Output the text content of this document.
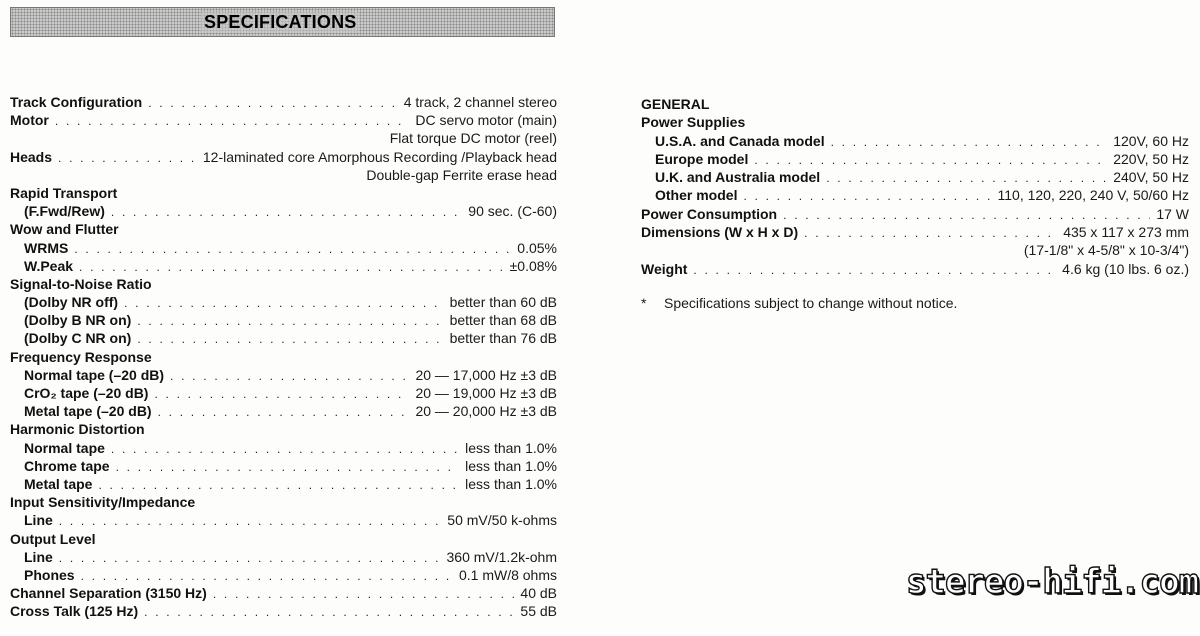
SPECIFICATIONS
Track Configuration . . .	4 track, 2 channel stereo
Motor . . .	DC servo motor (main)
Flat torque DC motor (reel)
Heads . . .	12-laminated core Amorphous Recording /Playback head
Double-gap Ferrite erase head
Rapid Transport
(F.Fwd/Rew) . . .	90 sec. (C-60)
Wow and Flutter
WRMS . . .	0.05%
W.Peak . . .	±0.08%
Signal-to-Noise Ratio
(Dolby NR off) . . .	better than 60 dB
(Dolby B NR on) . . .	better than 68 dB
(Dolby C NR on) . . .	better than 76 dB
Frequency Response
Normal tape (–20 dB) . . .	20 — 17,000 Hz ±3 dB
CrO₂ tape (–20 dB) . . .	20 — 19,000 Hz ±3 dB
Metal tape (–20 dB) . . .	20 — 20,000 Hz ±3 dB
Harmonic Distortion
Normal tape . . .	less than 1.0%
Chrome tape . . .	less than 1.0%
Metal tape . . .	less than 1.0%
Input Sensitivity/Impedance
Line . . .	50 mV/50 k-ohms
Output Level
Line . . .	360 mV/1.2k-ohm
Phones . . .	0.1 mW/8 ohms
Channel Separation (3150 Hz) . . .	40 dB
Cross Talk (125 Hz) . . .	55 dB
GENERAL
Power Supplies
U.S.A. and Canada model . . .	120V, 60 Hz
Europe model . . .	220V, 50 Hz
U.K. and Australia model . . .	240V, 50 Hz
Other model . . .	110, 120, 220, 240 V, 50/60 Hz
Power Consumption . . .	17 W
Dimensions (W x H x D) . . .	435 x 117 x 273 mm
(17-1/8" x 4-5/8" x 10-3/4")
Weight . . .	4.6 kg (10 lbs. 6 oz.)
* Specifications subject to change without notice.
stereo-hifi.com
